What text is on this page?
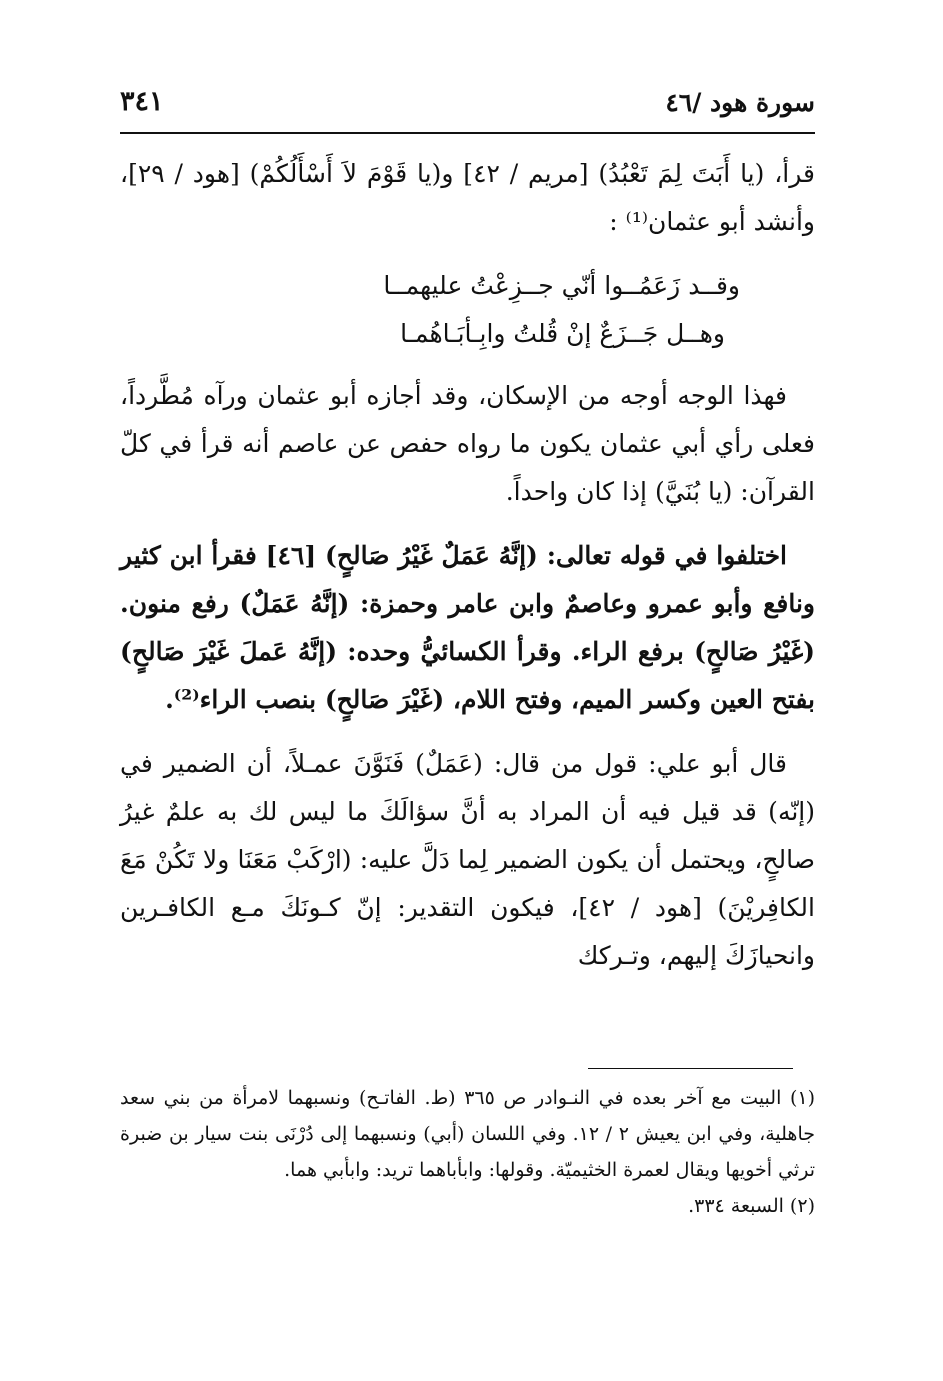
سورة هود /٤٦
٣٤١

قرأ، (يا أَبَتَ لِمَ تَعْبُدُ) [مريم / ٤٢] و(يا قَوْمَ لاَ أَسْأَلُكُمْ) [هود / ٢٩]، وأنشد أبو عثمان⁽¹⁾ :

وقــد زَعَمُــوا أنّي جــزِعْتُ عليهمــا
وهــل جَــزَعٌ إنْ قُلتُ وابِـأبَـاهُمـا

فهذا الوجه أوجه من الإسكان، وقد أجازه أبو عثمان ورآه مُطَّرداً، فعلى رأي أبي عثمان يكون ما رواه حفص عن عاصم أنه قرأ في كلّ القرآن: (يا بُنَيَّ) إذا كان واحداً.

اختلفوا في قوله تعالى: (إنَّهُ عَمَلٌ غَيْرُ صَالحٍ) [٤٦] فقرأ ابن كثير ونافع وأبو عمرو وعاصمٌ وابن عامر وحمزة: (إنَّهُ عَمَلٌ) رفع منون. (غَيْرُ صَالحٍ) برفع الراء. وقرأ الكسائيُّ وحده: (إنَّهُ عَملَ غَيْرَ صَالحٍ) بفتح العين وكسر الميم، وفتح اللام، (غَيْرَ صَالحٍ) بنصب الراء⁽²⁾.

قال أبو علي: قول من قال: (عَمَلٌ) فَنَوَّنَ عمـلاً، أن الضمير في (إنّه) قد قيل فيه أن المراد به أنَّ سؤالَكَ ما ليس لك به علمٌ غيرُ صالحٍ، ويحتمل أن يكون الضمير لِما دَلَّ عليه: (ارْكَبْ مَعَنَا ولا تَكُنْ مَعَ الكافِريْنَ) [هود / ٤٢]، فيكون التقدير: إنّ كـونَكَ مـع الكافـرين وانحيازَكَ إليهم، وتـركك

(١) البيت مع آخر بعده في النـوادر ص ٣٦٥ (ط. الفاتـح) ونسبهما لامرأة من بني سعد جاهلية، وفي ابن يعيش ٢ / ١٢. وفي اللسان (أبي) ونسبهما إلى دُرْنَى بنت سيار بن ضبرة ترثي أخويها ويقال لعمرة الخثيميّة. وقولها: وابأباهما تريد: وابأبي هما.

(٢) السبعة ٣٣٤.
